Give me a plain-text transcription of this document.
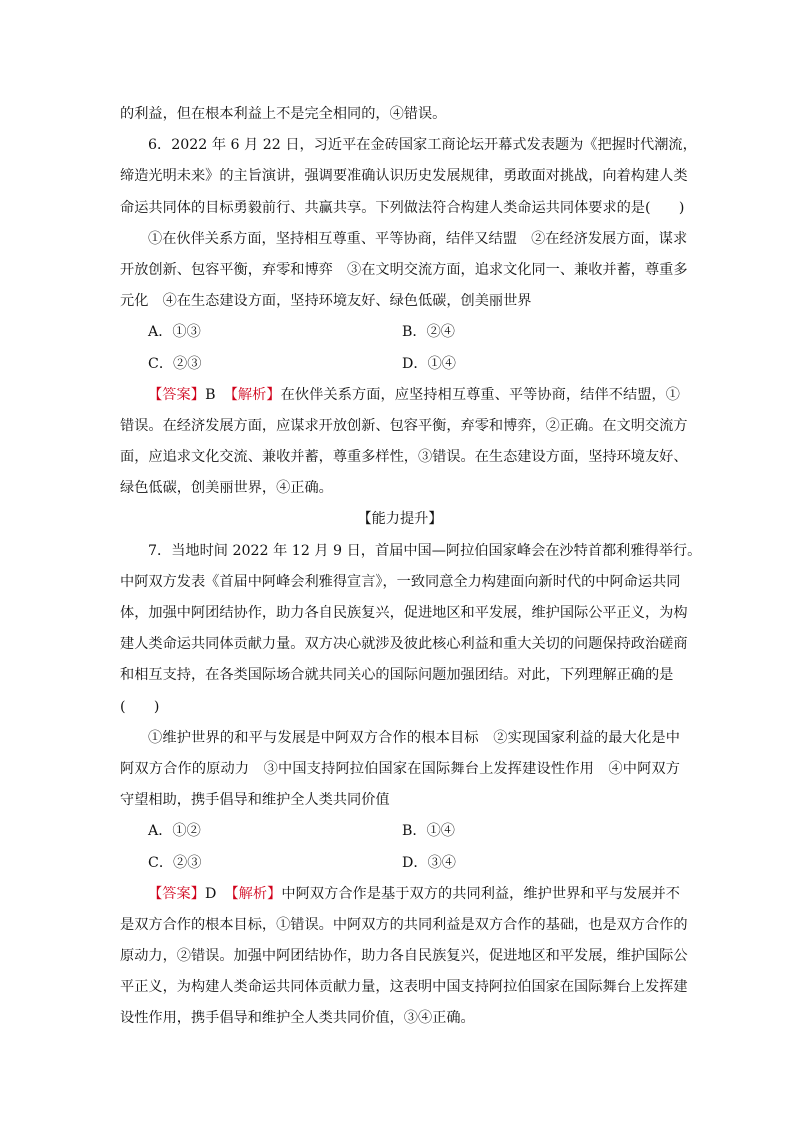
的利益，但在根本利益上不是完全相同的，④错误。
6．2022 年 6 月 22 日，习近平在金砖国家工商论坛开幕式发表题为《把握时代潮流，
缔造光明未来》的主旨演讲，强调要准确认识历史发展规律，勇敢面对挑战，向着构建人类
命运共同体的目标勇毅前行、共赢共享。下列做法符合构建人类命运共同体要求的是(　　)
①在伙伴关系方面，坚持相互尊重、平等协商，结伴又结盟　②在经济发展方面，谋求
开放创新、包容平衡，弃零和博弈　③在文明交流方面，追求文化同一、兼收并蓄，尊重多
元化　④在生态建设方面，坚持环境友好、绿色低碳，创美丽世界
A．①③	B．②④
C．②③	D．①④
【答案】B 【解析】在伙伴关系方面，应坚持相互尊重、平等协商，结伴不结盟，①
错误。在经济发展方面，应谋求开放创新、包容平衡，弃零和博弈，②正确。在文明交流方
面，应追求文化交流、兼收并蓄，尊重多样性，③错误。在生态建设方面，坚持环境友好、
绿色低碳，创美丽世界，④正确。
【能力提升】
7．当地时间 2022 年 12 月 9 日，首届中国—阿拉伯国家峰会在沙特首都利雅得举行。
中阿双方发表《首届中阿峰会利雅得宣言》，一致同意全力构建面向新时代的中阿命运共同
体，加强中阿团结协作，助力各自民族复兴，促进地区和平发展，维护国际公平正义，为构
建人类命运共同体贡献力量。双方决心就涉及彼此核心利益和重大关切的问题保持政治磋商
和相互支持，在各类国际场合就共同关心的国际问题加强团结。对此，下列理解正确的是
(　　)
①维护世界的和平与发展是中阿双方合作的根本目标　②实现国家利益的最大化是中
阿双方合作的原动力　③中国支持阿拉伯国家在国际舞台上发挥建设性作用　④中阿双方
守望相助，携手倡导和维护全人类共同价值
A．①②	B．①④
C．②③	D．③④
【答案】D 【解析】中阿双方合作是基于双方的共同利益，维护世界和平与发展并不
是双方合作的根本目标，①错误。中阿双方的共同利益是双方合作的基础，也是双方合作的
原动力，②错误。加强中阿团结协作，助力各自民族复兴，促进地区和平发展，维护国际公
平正义，为构建人类命运共同体贡献力量，这表明中国支持阿拉伯国家在国际舞台上发挥建
设性作用，携手倡导和维护全人类共同价值，③④正确。
